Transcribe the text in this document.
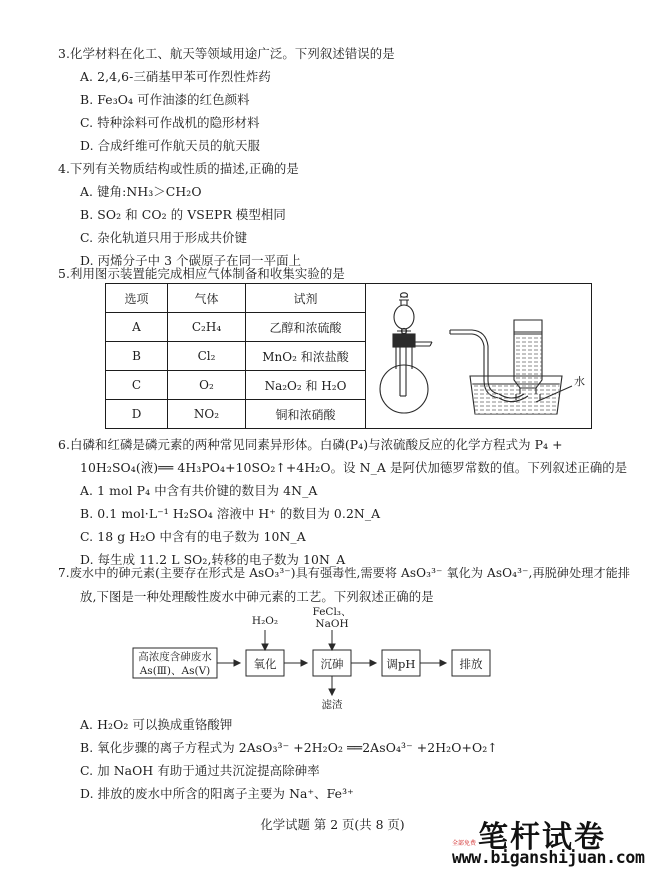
3.化学材料在化工、航天等领域用途广泛。下列叙述错误的是
A. 2,4,6-三硝基甲苯可作烈性炸药
B. Fe₃O₄ 可作油漆的红色颜料
C. 特种涂料可作战机的隐形材料
D. 合成纤维可作航天员的航天服
4.下列有关物质结构或性质的描述,正确的是
A. 键角:NH₃＞CH₂O
B. SO₂ 和 CO₂ 的 VSEPR 模型相同
C. 杂化轨道只用于形成共价键
D. 丙烯分子中 3 个碳原子在同一平面上
5.利用图示装置能完成相应气体制备和收集实验的是
选项	气体	试剂	水

A	C₂H₄	乙醇和浓硫酸	
B	Cl₂	MnO₂ 和浓盐酸	
C	O₂	Na₂O₂ 和 H₂O	
D	NO₂	铜和浓硝酸	
6.白磷和红磷是磷元素的两种常见同素异形体。白磷(P₄)与浓硫酸反应的化学方程式为 P₄ +
10H₂SO₄(液)══ 4H₃PO₄+10SO₂↑+4H₂O。设 N_A 是阿伏加德罗常数的值。下列叙述正确的是
A. 1 mol P₄ 中含有共价键的数目为 4N_A
B. 0.1 mol·L⁻¹ H₂SO₄ 溶液中 H⁺ 的数目为 0.2N_A
C. 18 g H₂O 中含有的电子数为 10N_A
D. 每生成 11.2 L SO₂,转移的电子数为 10N_A
7.废水中的砷元素(主要存在形式是 AsO₃³⁻)具有强毒性,需要将 AsO₃³⁻ 氧化为 AsO₄³⁻,再脱砷处理才能排
放,下图是一种处理酸性废水中砷元素的工艺。下列叙述正确的是
高浓度含砷废水
As(Ⅲ)、As(Ⅴ)	氧化	沉砷	调pH	排放
H₂O₂
FeCl₃、
NaOH
滤渣
A. H₂O₂ 可以换成重铬酸钾
B. 氧化步骤的离子方程式为 2AsO₃³⁻ +2H₂O₂ ══2AsO₄³⁻ +2H₂O+O₂↑
C. 加 NaOH 有助于通过共沉淀提高除砷率
D. 排放的废水中所含的阳离子主要为 Na⁺、Fe³⁺
化学试题 第 2 页(共 8 页)
全部免费 笔杆试卷
www.biganshijuan.com
